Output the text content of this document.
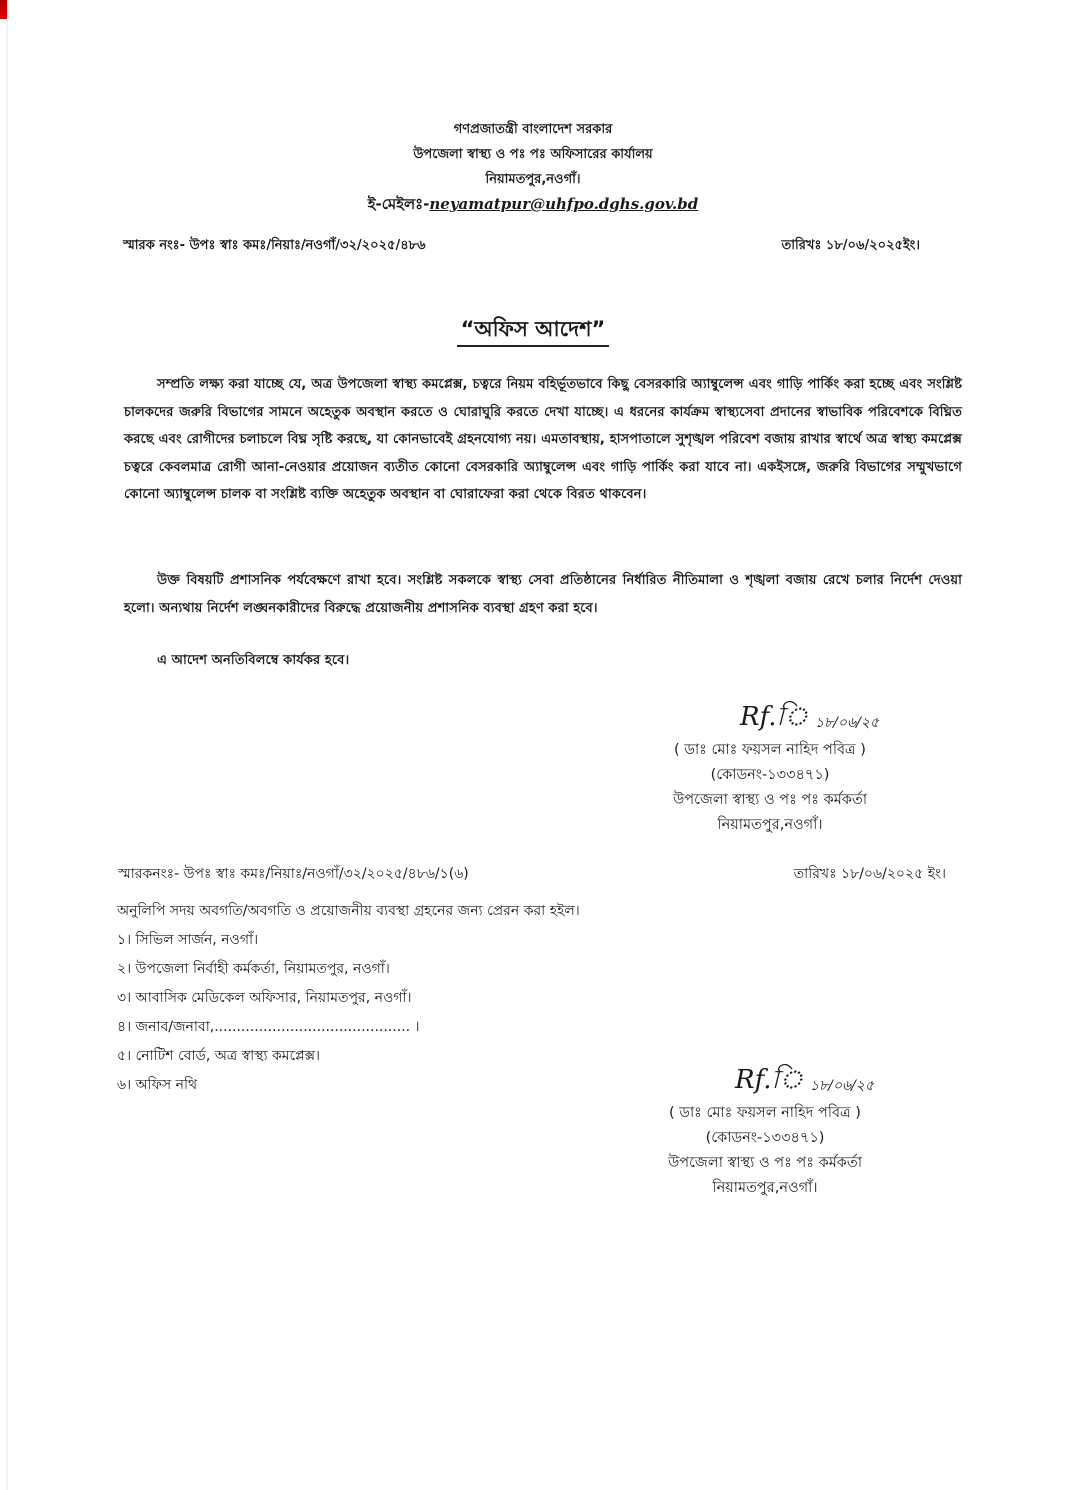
গণপ্রজাতন্ত্রী বাংলাদেশ সরকার
উপজেলা স্বাস্থ্য ও পঃ পঃ অফিসারের কার্যালয়
নিয়ামতপুর,নওগাঁ।
ই-মেইলঃ-neyamatpur@uhfpo.dghs.gov.bd
স্মারক নংঃ- উপঃ স্বাঃ কমঃ/নিয়াঃ/নওগাঁ/৩২/২০২৫/৪৮৬	তারিখঃ ১৮/০৬/২০২৫ইং।
“অফিস আদেশ”

সম্প্রতি লক্ষ্য করা যাচ্ছে যে, অত্র উপজেলা স্বাস্থ্য কমপ্লেক্স, চত্বরে নিয়ম বহির্ভূতভাবে কিছু বেসরকারি অ্যাম্বুলেন্স এবং গাড়ি পার্কিং করা হচ্ছে এবং সংশ্লিষ্ট চালকদের জরুরি বিভাগের সামনে অহেতুক অবস্থান করতে ও ঘোরাঘুরি করতে দেখা যাচ্ছে। এ ধরনের কার্যক্রম স্বাস্থ্যসেবা প্রদানের স্বাভাবিক পরিবেশকে বিঘ্নিত করছে এবং রোগীদের চলাচলে বিঘ্ন সৃষ্টি করছে, যা কোনভাবেই গ্রহনযোগ্য নয়। এমতাবস্থায়, হাসপাতালে সুশৃঙ্খল পরিবেশ বজায় রাখার স্বার্থে অত্র স্বাস্থ্য কমপ্লেক্স চত্বরে কেবলমাত্র রোগী আনা-নেওয়ার প্রয়োজন ব্যতীত কোনো বেসরকারি অ্যাম্বুলেন্স এবং গাড়ি পার্কিং করা যাবে না। একইসঙ্গে, জরুরি বিভাগের সম্মুখভাগে কোনো অ্যাম্বুলেন্স চালক বা সংশ্লিষ্ট ব্যক্তি অহেতুক অবস্থান বা ঘোরাফেরা করা থেকে বিরত থাকবেন।

উক্ত বিষয়টি প্রশাসনিক পর্যবেক্ষণে রাখা হবে। সংশ্লিষ্ট সকলকে স্বাস্থ্য সেবা প্রতিষ্ঠানের নির্ধারিত নীতিমালা ও শৃঙ্খলা বজায় রেখে চলার নির্দেশ দেওয়া হলো। অন্যথায় নির্দেশ লঙ্ঘনকারীদের বিরুদ্ধে প্রয়োজনীয় প্রশাসনিক ব্যবস্থা গ্রহণ করা হবে।

এ আদেশ অনতিবিলম্বে কার্যকর হবে।

Rf.ি ১৮/০৬/২৫
( ডাঃ মোঃ ফয়সল নাহিদ পবিত্র )
(কোডনং-১৩৩৪৭১)
উপজেলা স্বাস্থ্য ও পঃ পঃ কর্মকর্তা
নিয়ামতপুর,নওগাঁ।
স্মারকনংঃ- উপঃ স্বাঃ কমঃ/নিয়াঃ/নওগাঁ/৩২/২০২৫/৪৮৬/১(৬)	তারিখঃ ১৮/০৬/২০২৫ ইং।
অনুলিপি সদয় অবগতি/অবগতি ও প্রয়োজনীয় ব্যবস্থা গ্রহনের জন্য প্রেরন করা হইল।
১। সিভিল সার্জন, নওগাঁ।
২। উপজেলা নির্বাহী কর্মকর্তা, নিয়ামতপুর, নওগাঁ।
৩। আবাসিক মেডিকেল অফিসার, নিয়ামতপুর, নওগাঁ।
৪। জনাব/জনাবা,............................................ ।
৫। নোটিশ বোর্ড, অত্র স্বাস্থ্য কমপ্লেক্স।
৬। অফিস নথি	Rf.ি ১৮/০৬/২৫
( ডাঃ মোঃ ফয়সল নাহিদ পবিত্র )
(কোডনং-১৩৩৪৭১)
উপজেলা স্বাস্থ্য ও পঃ পঃ কর্মকর্তা
নিয়ামতপুর,নওগাঁ।
